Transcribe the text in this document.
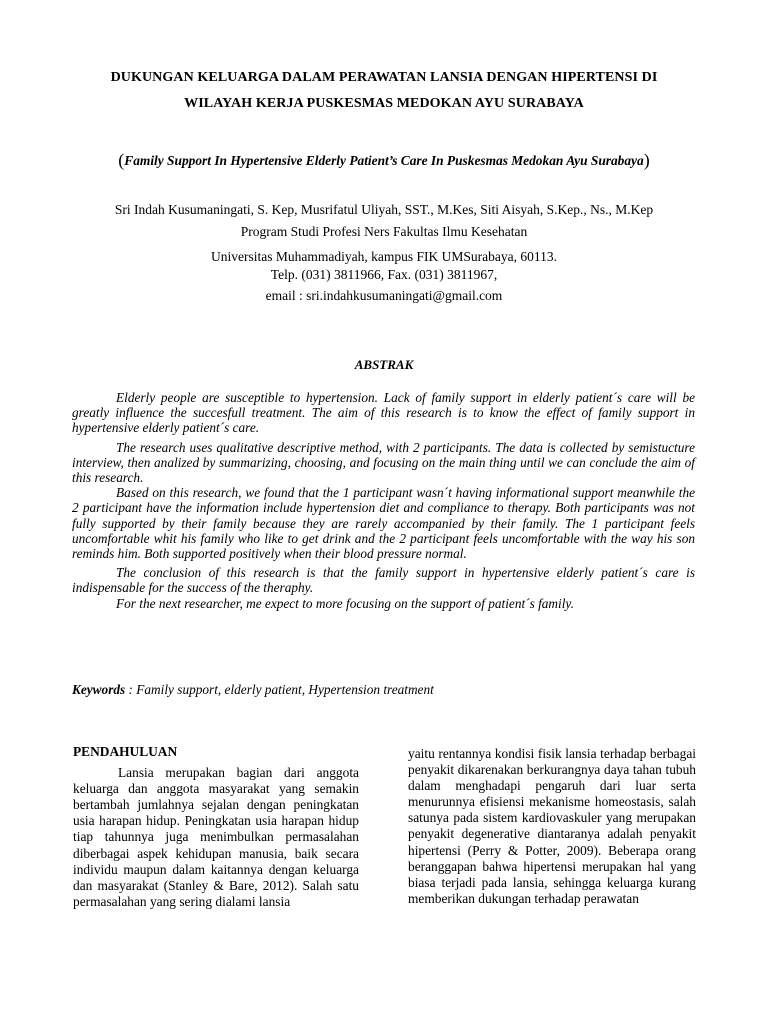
DUKUNGAN KELUARGA DALAM PERAWATAN LANSIA DENGAN HIPERTENSI DI
WILAYAH KERJA PUSKESMAS MEDOKAN AYU SURABAYA
(Family Support In Hypertensive Elderly Patient’s Care In Puskesmas Medokan Ayu Surabaya)
Sri Indah Kusumaningati, S. Kep, Musrifatul Uliyah, SST., M.Kes, Siti Aisyah, S.Kep., Ns., M.Kep
Program Studi Profesi Ners Fakultas Ilmu Kesehatan
Universitas Muhammadiyah, kampus FIK UMSurabaya, 60113.
Telp. (031) 3811966, Fax. (031) 3811967,
email : sri.indahkusumaningati@gmail.com
ABSTRAK

Elderly people are susceptible to hypertension. Lack of family support in elderly patient´s care will be greatly influence the succesfull treatment. The aim of this research is to know the effect of family support in hypertensive elderly patient´s care.

The research uses qualitative descriptive method, with 2 participants. The data is collected by semistucture interview, then analized by summarizing, choosing, and focusing on the main thing until we can conclude the aim of this research.

Based on this research, we found that the 1 participant wasn´t having informational support meanwhile the 2 participant have the information include hypertension diet and compliance to therapy. Both participants was not fully supported by their family because they are rarely accompanied by their family. The 1 participant feels uncomfortable whit his family who like to get drink and the 2 participant feels uncomfortable with the way his son reminds him. Both supported positively when their blood pressure normal.

The conclusion of this research is that the family support in hypertensive elderly patient´s care is indispensable for the success of the theraphy.

For the next researcher, me expect to more focusing on the support of patient´s family.

Keywords : Family support, elderly patient, Hypertension treatment
PENDAHULUAN

Lansia merupakan bagian dari anggota keluarga dan anggota masyarakat yang semakin bertambah jumlahnya sejalan dengan peningkatan usia harapan hidup. Peningkatan usia harapan hidup tiap tahunnya juga menimbulkan permasalahan diberbagai aspek kehidupan manusia, baik secara individu maupun dalam kaitannya dengan keluarga dan masyarakat (Stanley & Bare, 2012). Salah satu permasalahan yang sering dialami lansia

yaitu rentannya kondisi fisik lansia terhadap berbagai penyakit dikarenakan berkurangnya daya tahan tubuh dalam menghadapi pengaruh dari luar serta menurunnya efisiensi mekanisme homeostasis, salah satunya pada sistem kardiovaskuler yang merupakan penyakit degenerative diantaranya adalah penyakit hipertensi (Perry & Potter, 2009). Beberapa orang beranggapan bahwa hipertensi merupakan hal yang biasa terjadi pada lansia, sehingga keluarga kurang memberikan dukungan terhadap perawatan
